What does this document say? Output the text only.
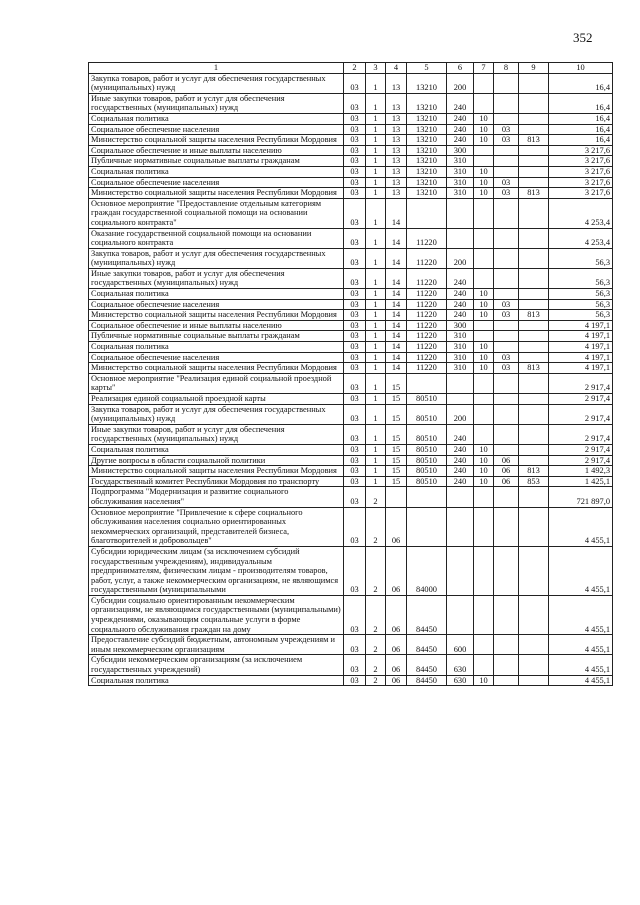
352
1	2	3	4	5	6	7	8	9	10
Закупка товаров, работ и услуг для обеспечения государственных (муниципальных) нужд	03	1	13	13210	200				16,4
Иные закупки товаров, работ и услуг для обеспечения государственных (муниципальных) нужд	03	1	13	13210	240				16,4
Социальная политика	03	1	13	13210	240	10			16,4
Социальное обеспечение населения	03	1	13	13210	240	10	03		16,4
Министерство социальной защиты населения Республики Мордовия	03	1	13	13210	240	10	03	813	16,4
Социальное обеспечение и иные выплаты населению	03	1	13	13210	300				3 217,6
Публичные нормативные социальные выплаты гражданам	03	1	13	13210	310				3 217,6
Социальная политика	03	1	13	13210	310	10			3 217,6
Социальное обеспечение населения	03	1	13	13210	310	10	03		3 217,6
Министерство социальной защиты населения Республики Мордовия	03	1	13	13210	310	10	03	813	3 217,6
Основное мероприятие "Предоставление отдельным категориям граждан государственной социальной помощи на основании социального контракта"	03	1	14						4 253,4
Оказание государственной социальной помощи на основании социального контракта	03	1	14	11220					4 253,4
Закупка товаров, работ и услуг для обеспечения государственных (муниципальных) нужд	03	1	14	11220	200				56,3
Иные закупки товаров, работ и услуг для обеспечения государственных (муниципальных) нужд	03	1	14	11220	240				56,3
Социальная политика	03	1	14	11220	240	10			56,3
Социальное обеспечение населения	03	1	14	11220	240	10	03		56,3
Министерство социальной защиты населения Республики Мордовия	03	1	14	11220	240	10	03	813	56,3
Социальное обеспечение и иные выплаты населению	03	1	14	11220	300				4 197,1
Публичные нормативные социальные выплаты гражданам	03	1	14	11220	310				4 197,1
Социальная политика	03	1	14	11220	310	10			4 197,1
Социальное обеспечение населения	03	1	14	11220	310	10	03		4 197,1
Министерство социальной защиты населения Республики Мордовия	03	1	14	11220	310	10	03	813	4 197,1
Основное мероприятие "Реализация единой социальной проездной карты"	03	1	15						2 917,4
Реализация единой социальной проездной карты	03	1	15	80510					2 917,4
Закупка товаров, работ и услуг для обеспечения государственных (муниципальных) нужд	03	1	15	80510	200				2 917,4
Иные закупки товаров, работ и услуг для обеспечения государственных (муниципальных) нужд	03	1	15	80510	240				2 917,4
Социальная политика	03	1	15	80510	240	10			2 917,4
Другие вопросы в области социальной политики	03	1	15	80510	240	10	06		2 917,4
Министерство социальной защиты населения Республики Мордовия	03	1	15	80510	240	10	06	813	1 492,3
Государственный комитет Республики Мордовия по транспорту	03	1	15	80510	240	10	06	853	1 425,1
Подпрограмма "Модернизация и развитие социального обслуживания населения"	03	2							721 897,0
Основное мероприятие "Привлечение к сфере социального обслуживания населения социально ориентированных некоммерческих организаций, представителей бизнеса, благотворителей и добровольцев"	03	2	06						4 455,1
Субсидии юридическим лицам (за исключением субсидий государственным учреждениям), индивидуальным предпринимателям, физическим лицам - производителям товаров, работ, услуг, а также некоммерческим организациям, не являющимся государственными (муниципальными	03	2	06	84000					4 455,1
Субсидии социально ориентированным некоммерческим организациям, не являющимся государственными (муниципальными) учреждениями, оказывающим социальные услуги в форме социального обслуживания граждан на дому	03	2	06	84450					4 455,1
Предоставление субсидий бюджетным, автономным учреждениям и иным некоммерческим организациям	03	2	06	84450	600				4 455,1
Субсидии некоммерческим организациям (за исключением государственных учреждений)	03	2	06	84450	630				4 455,1
Социальная политика	03	2	06	84450	630	10			4 455,1
